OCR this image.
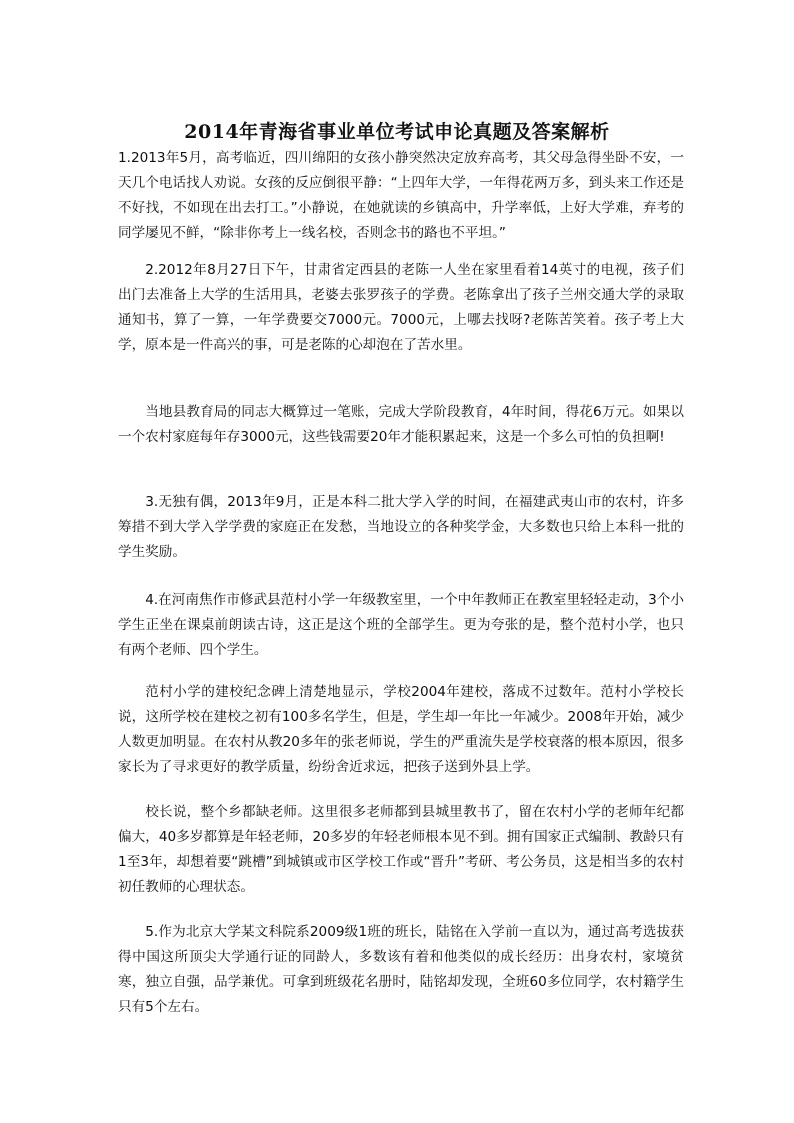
2014年青海省事业单位考试申论真题及答案解析

1.2013年5月，高考临近，四川绵阳的女孩小静突然决定放弃高考，其父母急得坐卧不安，一天几个电话找人劝说。女孩的反应倒很平静：“上四年大学，一年得花两万多，到头来工作还是不好找，不如现在出去打工。”小静说，在她就读的乡镇高中，升学率低，上好大学难，弃考的同学屡见不鲜，“除非你考上一线名校，否则念书的路也不平坦。”

2.2012年8月27日下午，甘肃省定西县的老陈一人坐在家里看着14英寸的电视，孩子们出门去准备上大学的生活用具，老婆去张罗孩子的学费。老陈拿出了孩子兰州交通大学的录取通知书，算了一算，一年学费要交7000元。7000元，上哪去找呀?老陈苦笑着。孩子考上大学，原本是一件高兴的事，可是老陈的心却泡在了苦水里。

当地县教育局的同志大概算过一笔账，完成大学阶段教育，4年时间，得花6万元。如果以一个农村家庭每年存3000元，这些钱需要20年才能积累起来，这是一个多么可怕的负担啊!

3.无独有偶，2013年9月，正是本科二批大学入学的时间，在福建武夷山市的农村，许多筹措不到大学入学学费的家庭正在发愁，当地设立的各种奖学金，大多数也只给上本科一批的学生奖励。

4.在河南焦作市修武县范村小学一年级教室里，一个中年教师正在教室里轻轻走动，3个小学生正坐在课桌前朗读古诗，这正是这个班的全部学生。更为夸张的是，整个范村小学，也只有两个老师、四个学生。

范村小学的建校纪念碑上清楚地显示，学校2004年建校，落成不过数年。范村小学校长说，这所学校在建校之初有100多名学生，但是，学生却一年比一年减少。2008年开始，减少人数更加明显。在农村从教20多年的张老师说，学生的严重流失是学校衰落的根本原因，很多家长为了寻求更好的教学质量，纷纷舍近求远，把孩子送到外县上学。

校长说，整个乡都缺老师。这里很多老师都到县城里教书了，留在农村小学的老师年纪都偏大，40多岁都算是年轻老师，20多岁的年轻老师根本见不到。拥有国家正式编制、教龄只有1至3年，却想着要“跳槽”到城镇或市区学校工作或“晋升”考研、考公务员，这是相当多的农村初任教师的心理状态。

5.作为北京大学某文科院系2009级1班的班长，陆铭在入学前一直以为，通过高考选拔获得中国这所顶尖大学通行证的同龄人，多数该有着和他类似的成长经历：出身农村，家境贫寒，独立自强，品学兼优。可拿到班级花名册时，陆铭却发现，全班60多位同学，农村籍学生只有5个左右。
